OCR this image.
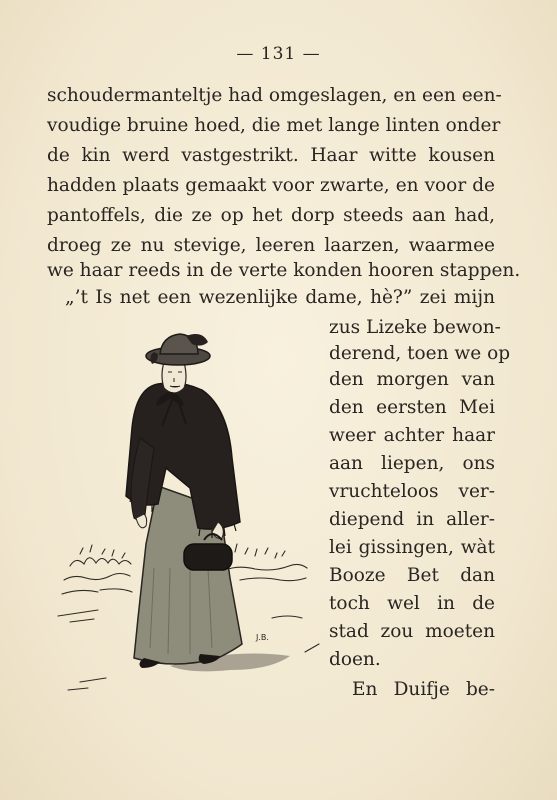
— 131 —
schoudermanteltje had omgeslagen, en een een-
voudige bruine hoed, die met lange linten onder
de kin werd vastgestrikt. Haar witte kousen
hadden plaats gemaakt voor zwarte, en voor de
pantoffels, die ze op het dorp steeds aan had,
droeg ze nu stevige, leeren laarzen, waarmee
we haar reeds in de verte konden hooren stappen.
„’t Is net een wezenlijke dame, hè?” zei mijn
zus Lizeke bewon-
derend, toen we op
den morgen van
den eersten Mei
weer achter haar
aan liepen, ons
vruchteloos ver-
diepend in aller-
lei gissingen, wàt
Booze Bet dan
toch wel in de
stad zou moeten
doen.
En Duifje be-
J.B.
